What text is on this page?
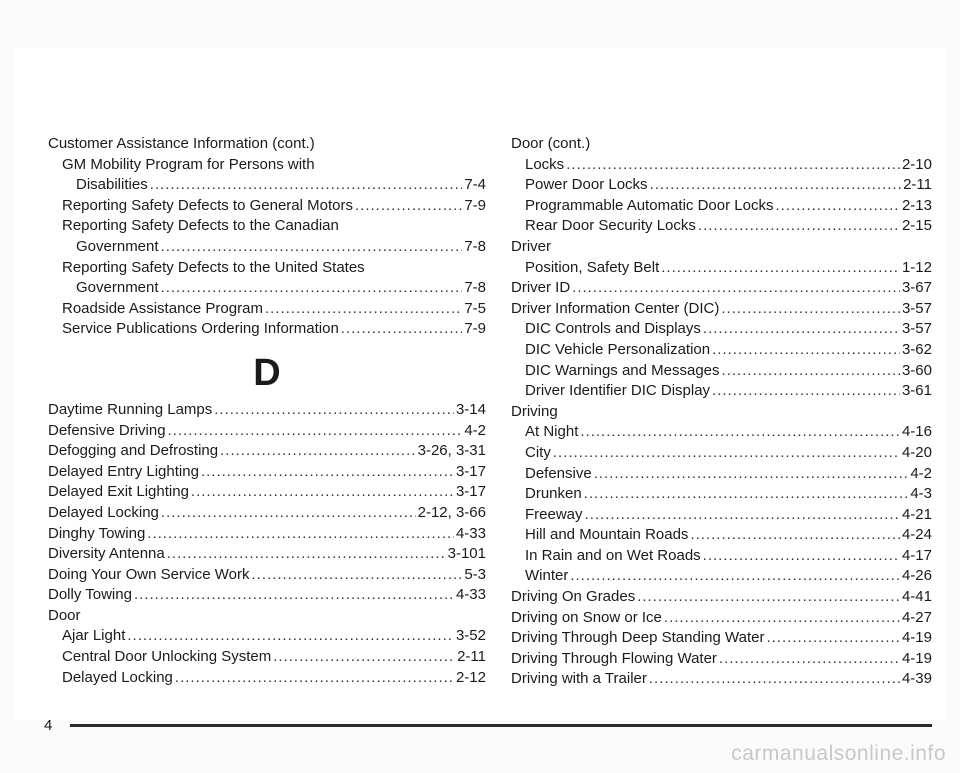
Customer Assistance Information (cont.)
GM Mobility Program for Persons with
Disabilities .....	7-4
Reporting Safety Defects to General Motors .....	7-9
Reporting Safety Defects to the Canadian
Government .....	7-8
Reporting Safety Defects to the United States
Government .....	7-8
Roadside Assistance Program .....	7-5
Service Publications Ordering Information .....	7-9
D
Daytime Running Lamps .....	3-14
Defensive Driving .....	4-2
Defogging and Defrosting .....	3-26, 3-31
Delayed Entry Lighting .....	3-17
Delayed Exit Lighting .....	3-17
Delayed Locking .....	2-12, 3-66
Dinghy Towing .....	4-33
Diversity Antenna .....	3-101
Doing Your Own Service Work .....	5-3
Dolly Towing .....	4-33
Door
Ajar Light .....	3-52
Central Door Unlocking System .....	2-11
Delayed Locking .....	2-12
Door (cont.)
Locks .....	2-10
Power Door Locks .....	2-11
Programmable Automatic Door Locks .....	2-13
Rear Door Security Locks .....	2-15
Driver
Position, Safety Belt .....	1-12
Driver ID .....	3-67
Driver Information Center (DIC) .....	3-57
DIC Controls and Displays .....	3-57
DIC Vehicle Personalization .....	3-62
DIC Warnings and Messages .....	3-60
Driver Identifier DIC Display .....	3-61
Driving
At Night .....	4-16
City .....	4-20
Defensive .....	4-2
Drunken .....	4-3
Freeway .....	4-21
Hill and Mountain Roads .....	4-24
In Rain and on Wet Roads .....	4-17
Winter .....	4-26
Driving On Grades .....	4-41
Driving on Snow or Ice .....	4-27
Driving Through Deep Standing Water .....	4-19
Driving Through Flowing Water .....	4-19
Driving with a Trailer .....	4-39
4
carmanualsonline.info
